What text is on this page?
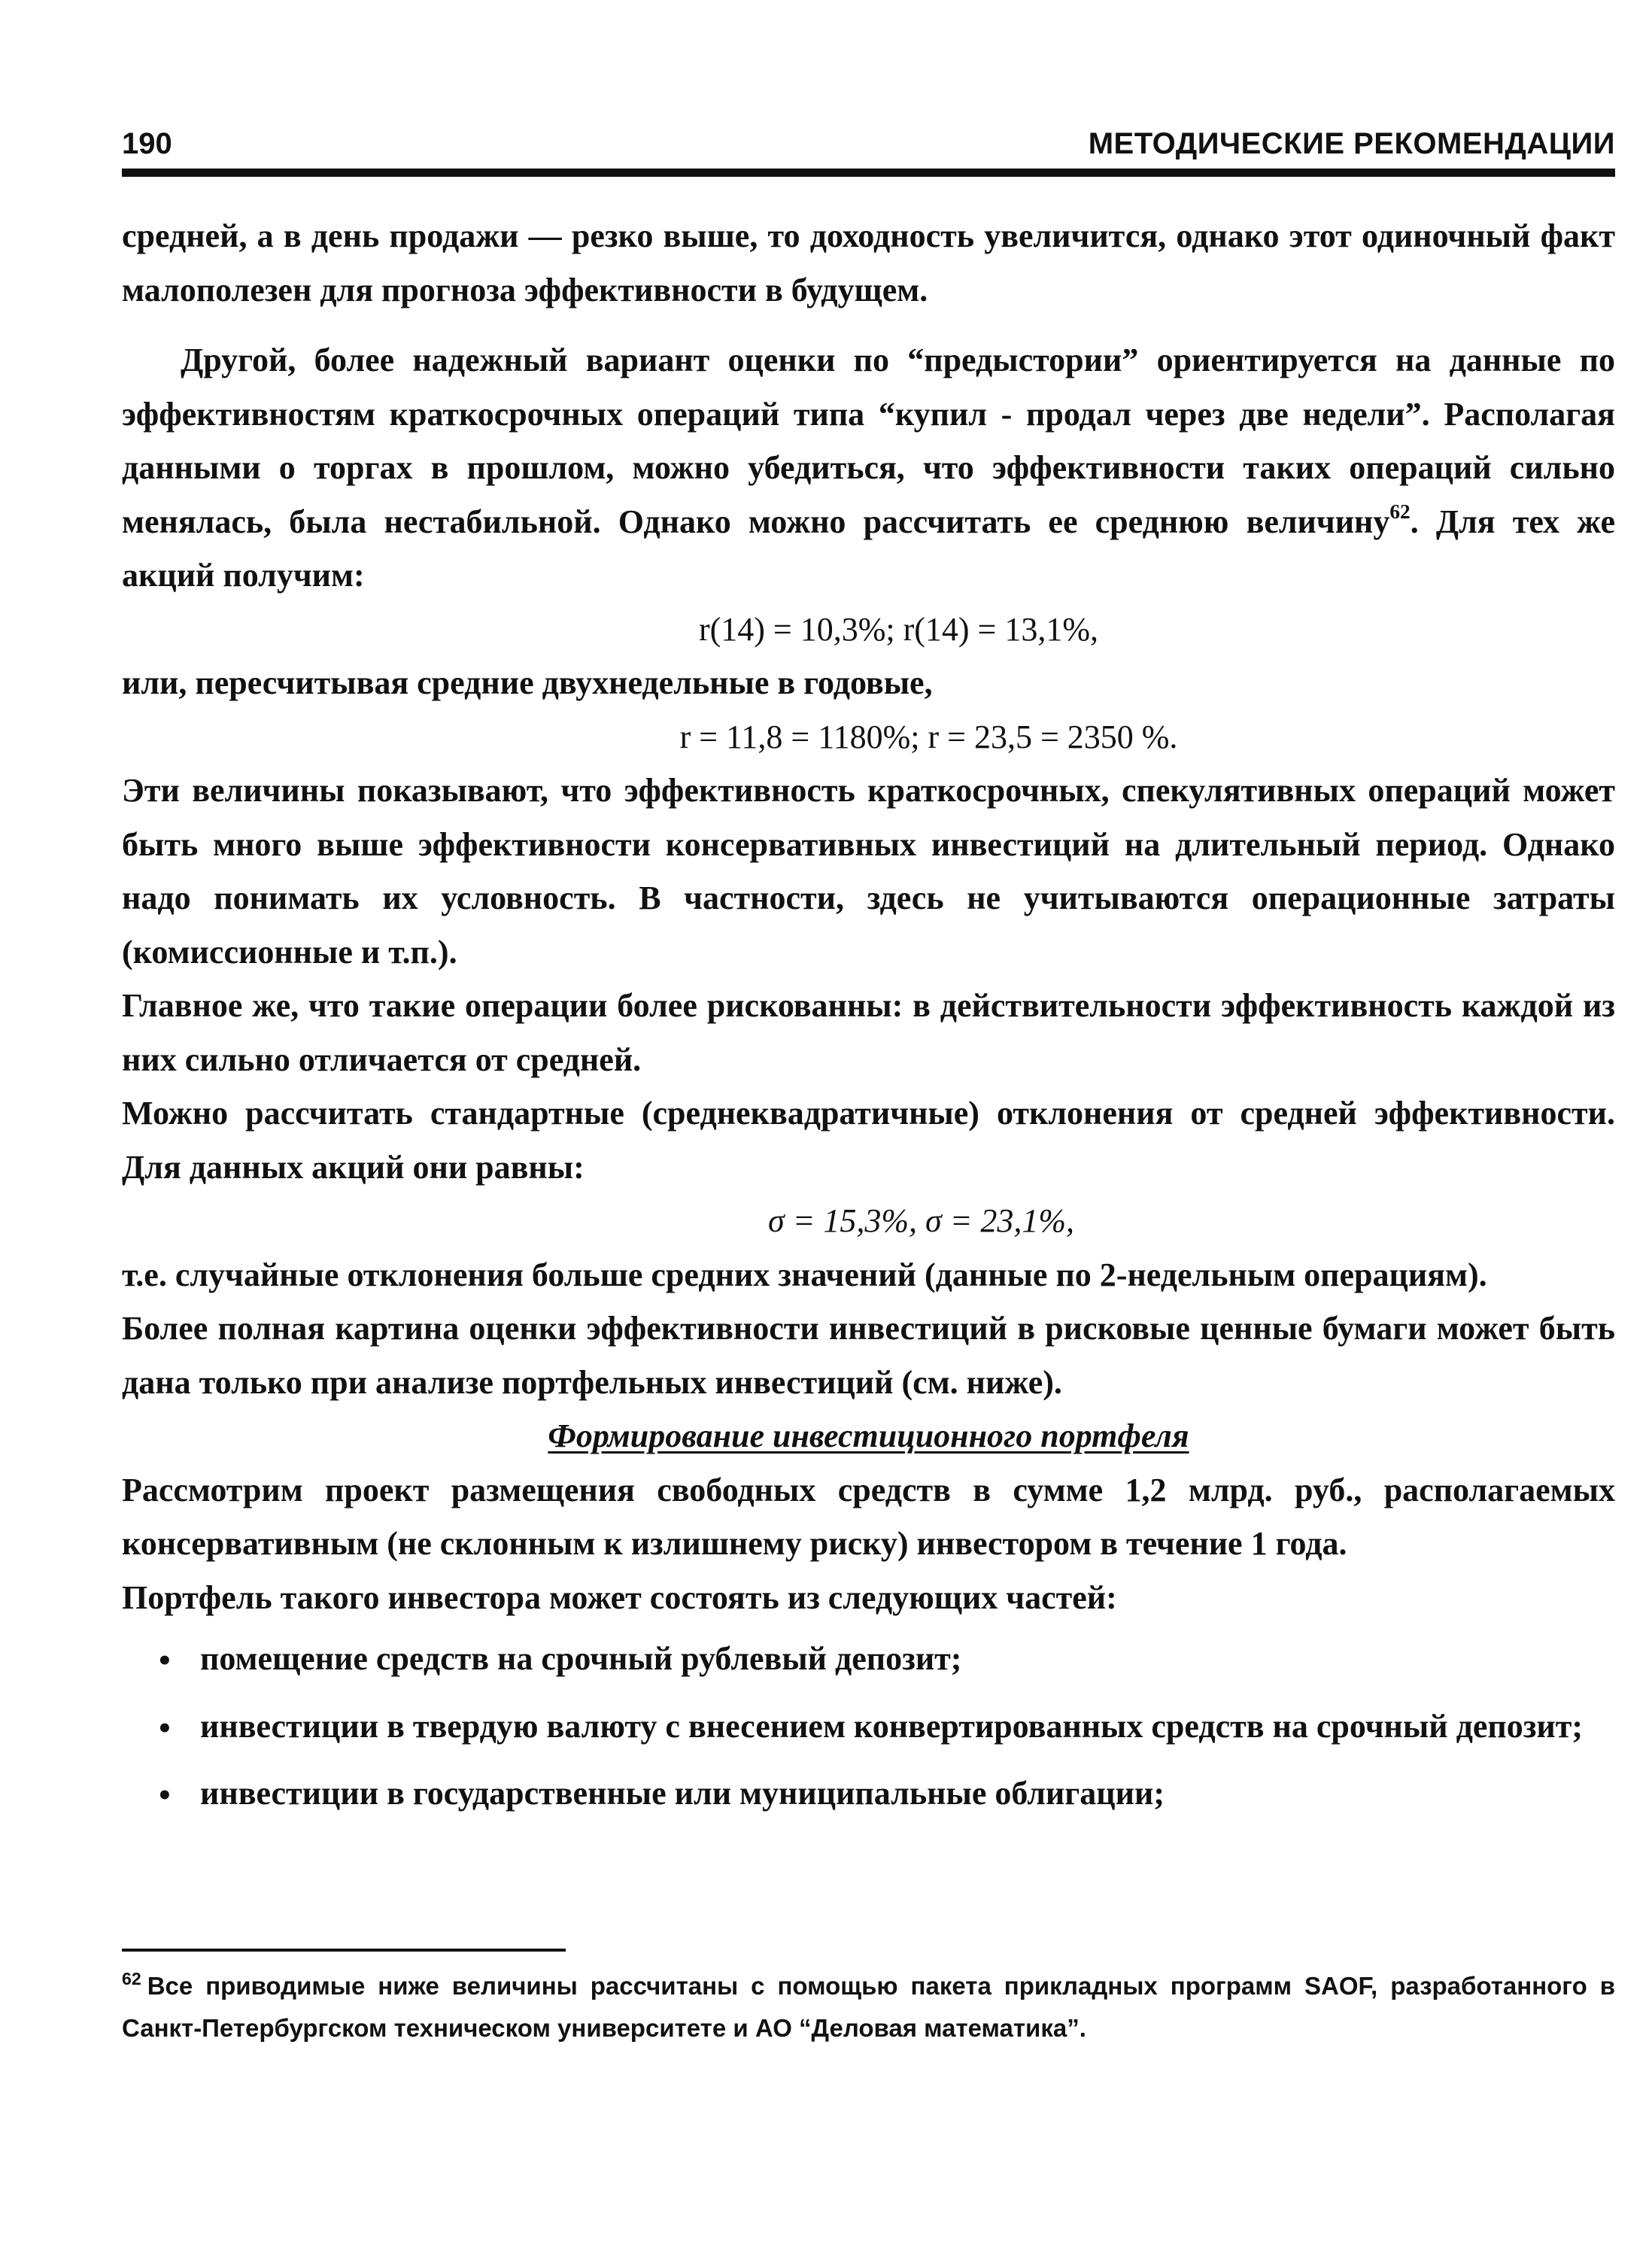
190	МЕТОДИЧЕСКИЕ РЕКОМЕНДАЦИИ

средней, а в день продажи — резко выше, то доходность увеличится, однако этот одиночный факт малополезен для прогноза эффективности в будущем.

Другой, более надежный вариант оценки по “предыстории” ориентируется на данные по эффективностям краткосрочных операций типа “купил - продал через две недели”. Располагая данными о торгах в прошлом, можно убедиться, что эффективности таких операций сильно менялась, была нестабильной. Однако можно рассчитать ее среднюю величину$^{62}$. Для тех же акций получим:

r(14) = 10,3%; r(14) = 13,1%,

или, пересчитывая средние двухнедельные в годовые,

r = 11,8 = 1180%; r = 23,5 = 2350 %.

Эти величины показывают, что эффективность краткосрочных, спекулятивных операций может быть много выше эффективности консервативных инвестиций на длительный период. Однако надо понимать их условность. В частности, здесь не учитываются операционные затраты (комиссионные и т.п.).

Главное же, что такие операции более рискованны: в действительности эффективность каждой из них сильно отличается от средней.

Можно рассчитать стандартные (среднеквадратичные) отклонения от средней эффективности. Для данных акций они равны:

σ = 15,3%, σ = 23,1%,

т.е. случайные отклонения больше средних значений (данные по 2-недельным операциям).

Более полная картина оценки эффективности инвестиций в рисковые ценные бумаги может быть дана только при анализе портфельных инвестиций (см. ниже).

Формирование инвестиционного портфеля

Рассмотрим проект размещения свободных средств в сумме 1,2 млрд. руб., располагаемых консервативным (не склонным к излишнему риску) инвестором в течение 1 года.

Портфель такого инвестора может состоять из следующих частей:

• помещение средств на срочный рублевый депозит;
• инвестиции в твердую валюту с внесением конвертированных средств на срочный депозит;
• инвестиции в государственные или муниципальные облигации;

$^{62}$ Все приводимые ниже величины рассчитаны с помощью пакета прикладных программ SAOF, разработанного в Санкт-Петербургском техническом университете и АО “Деловая математика”.
